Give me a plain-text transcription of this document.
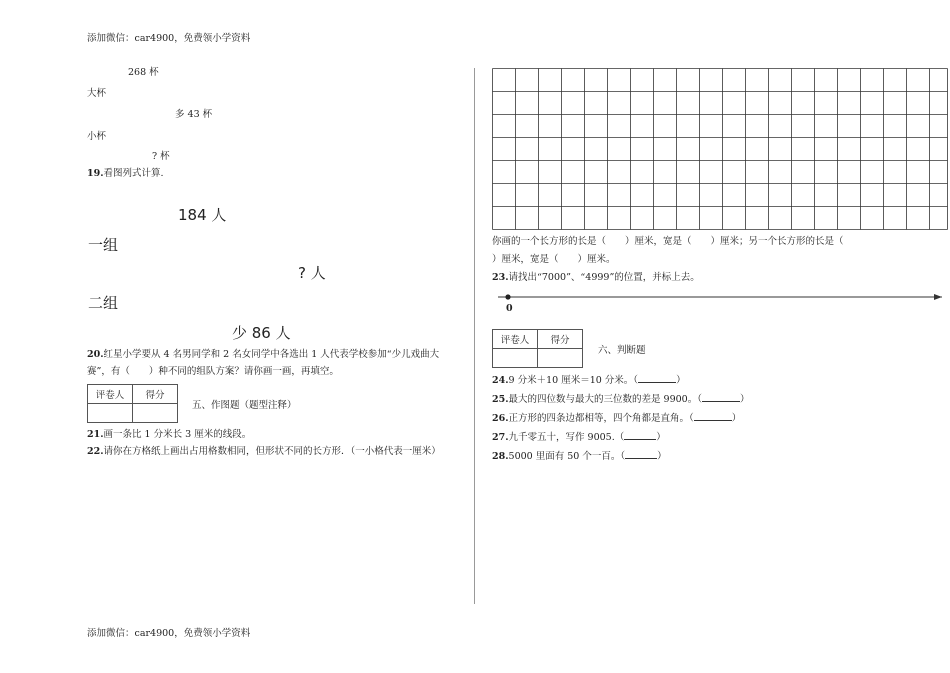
添加微信：car4900，免费领小学资料
添加微信：car4900，免费领小学资料
268 杯
大杯
多 43 杯
小杯
? 杯
19.看图列式计算.
184 人
一组
? 人
二组
少 86 人
20.红星小学要从 4 名男同学和 2 名女同学中各选出 1 人代表学校参加“少儿戏曲大
赛”，有（　　）种不同的组队方案？请你画一画，再填空。
评卷人	得分

五、作图题（题型注释）
21.画一条比 1 分米长 3 厘米的线段。
22.请你在方格纸上画出占用格数相同，但形状不同的长方形．（一小格代表一厘米）
你画的一个长方形的长是（　　）厘米，宽是（　　）厘米；另一个长方形的长是（
）厘米，宽是（　　）厘米。
23.请找出“7000”、“4999”的位置，并标上去。
0
评卷人	得分

六、判断题
24.9 分米＋10 厘米＝10 分米。（	）
25.最大的四位数与最大的三位数的差是 9900。（	）
26.正方形的四条边都相等，四个角都是直角。（	）
27.九千零五十，写作 9005.（	）
28.5000 里面有 50 个一百。（	）
